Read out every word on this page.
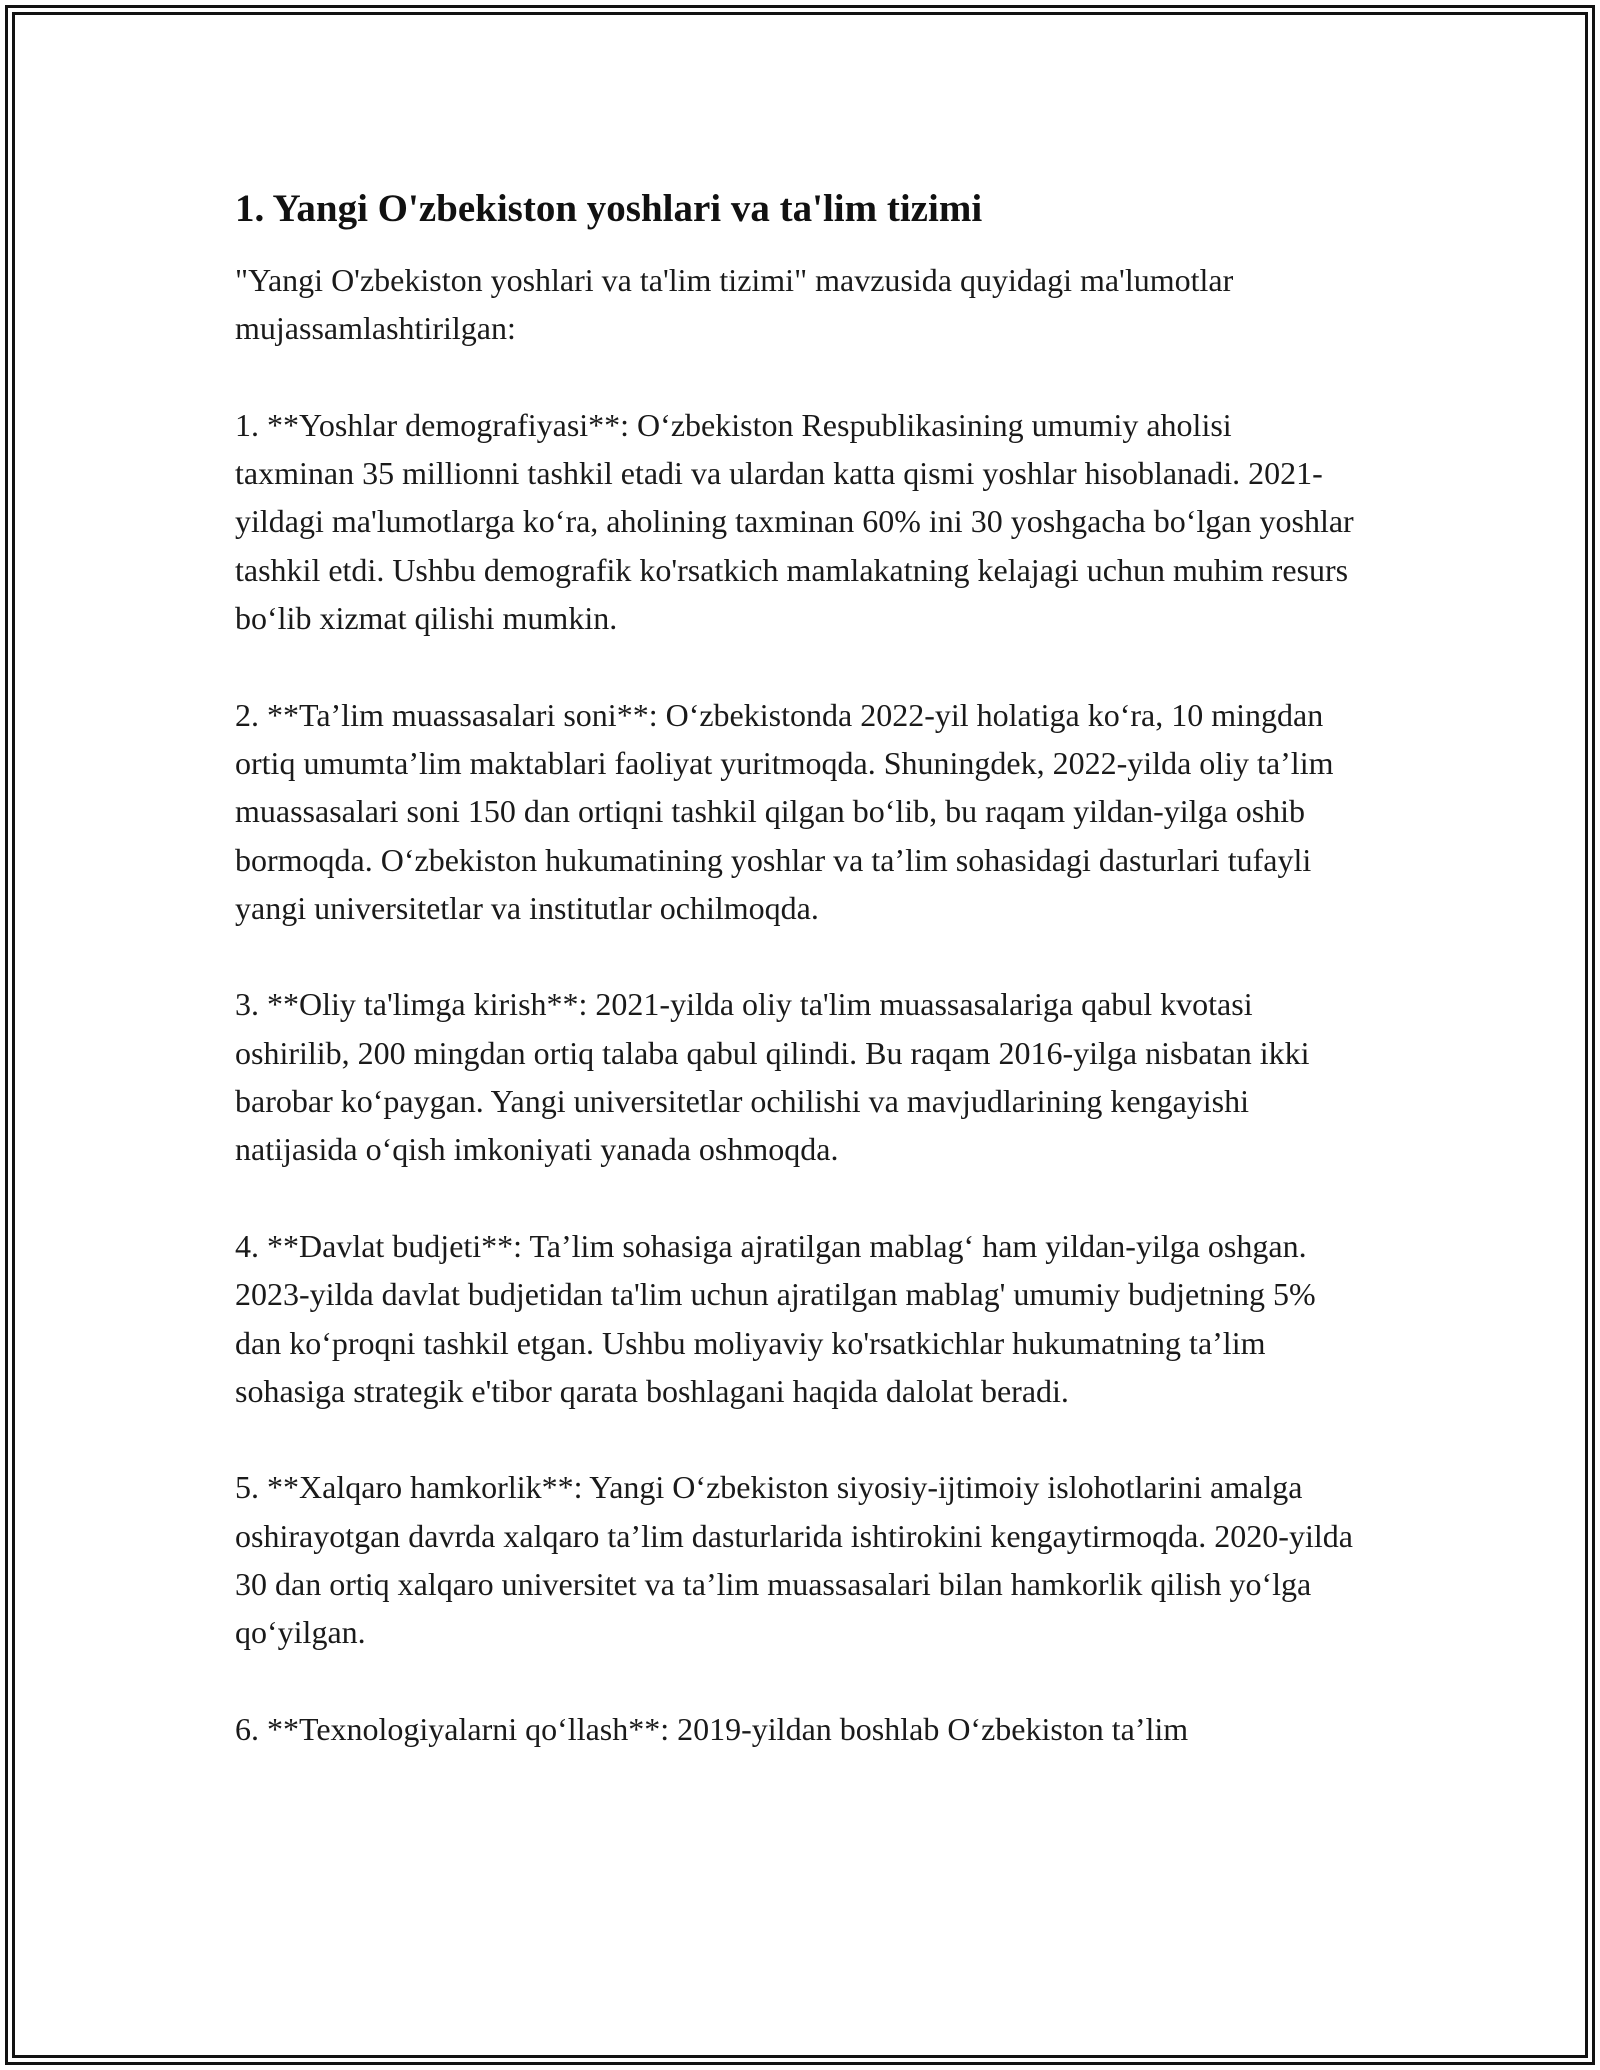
1. Yangi O'zbekiston yoshlari va ta'lim tizimi

"Yangi O'zbekiston yoshlari va ta'lim tizimi" mavzusida quyidagi ma'lumotlar mujassamlashtirilgan:

1. **Yoshlar demografiyasi**: O‘zbekiston Respublikasining umumiy aholisi taxminan 35 millionni tashkil etadi va ulardan katta qismi yoshlar hisoblanadi. 2021-yildagi ma'lumotlarga ko‘ra, aholining taxminan 60% ini 30 yoshgacha bo‘lgan yoshlar tashkil etdi. Ushbu demografik ko'rsatkich mamlakatning kelajagi uchun muhim resurs bo‘lib xizmat qilishi mumkin.

2. **Ta’lim muassasalari soni**: O‘zbekistonda 2022-yil holatiga ko‘ra, 10 mingdan ortiq umumta’lim maktablari faoliyat yuritmoqda. Shuningdek, 2022-yilda oliy ta’lim muassasalari soni 150 dan ortiqni tashkil qilgan bo‘lib, bu raqam yildan-yilga oshib bormoqda. O‘zbekiston hukumatining yoshlar va ta’lim sohasidagi dasturlari tufayli yangi universitetlar va institutlar ochilmoqda.

3. **Oliy ta'limga kirish**: 2021-yilda oliy ta'lim muassasalariga qabul kvotasi oshirilib, 200 mingdan ortiq talaba qabul qilindi. Bu raqam 2016-yilga nisbatan ikki barobar ko‘paygan. Yangi universitetlar ochilishi va mavjudlarining kengayishi natijasida o‘qish imkoniyati yanada oshmoqda.

4. **Davlat budjeti**: Ta’lim sohasiga ajratilgan mablag‘ ham yildan-yilga oshgan. 2023-yilda davlat budjetidan ta'lim uchun ajratilgan mablag' umumiy budjetning 5% dan ko‘proqni tashkil etgan. Ushbu moliyaviy ko'rsatkichlar hukumatning ta’lim sohasiga strategik e'tibor qarata boshlagani haqida dalolat beradi.

5. **Xalqaro hamkorlik**: Yangi O‘zbekiston siyosiy-ijtimoiy islohotlarini amalga oshirayotgan davrda xalqaro ta’lim dasturlarida ishtirokini kengaytirmoqda. 2020-yilda 30 dan ortiq xalqaro universitet va ta’lim muassasalari bilan hamkorlik qilish yo‘lga qo‘yilgan.

6. **Texnologiyalarni qo‘llash**: 2019-yildan boshlab O‘zbekiston ta’lim
